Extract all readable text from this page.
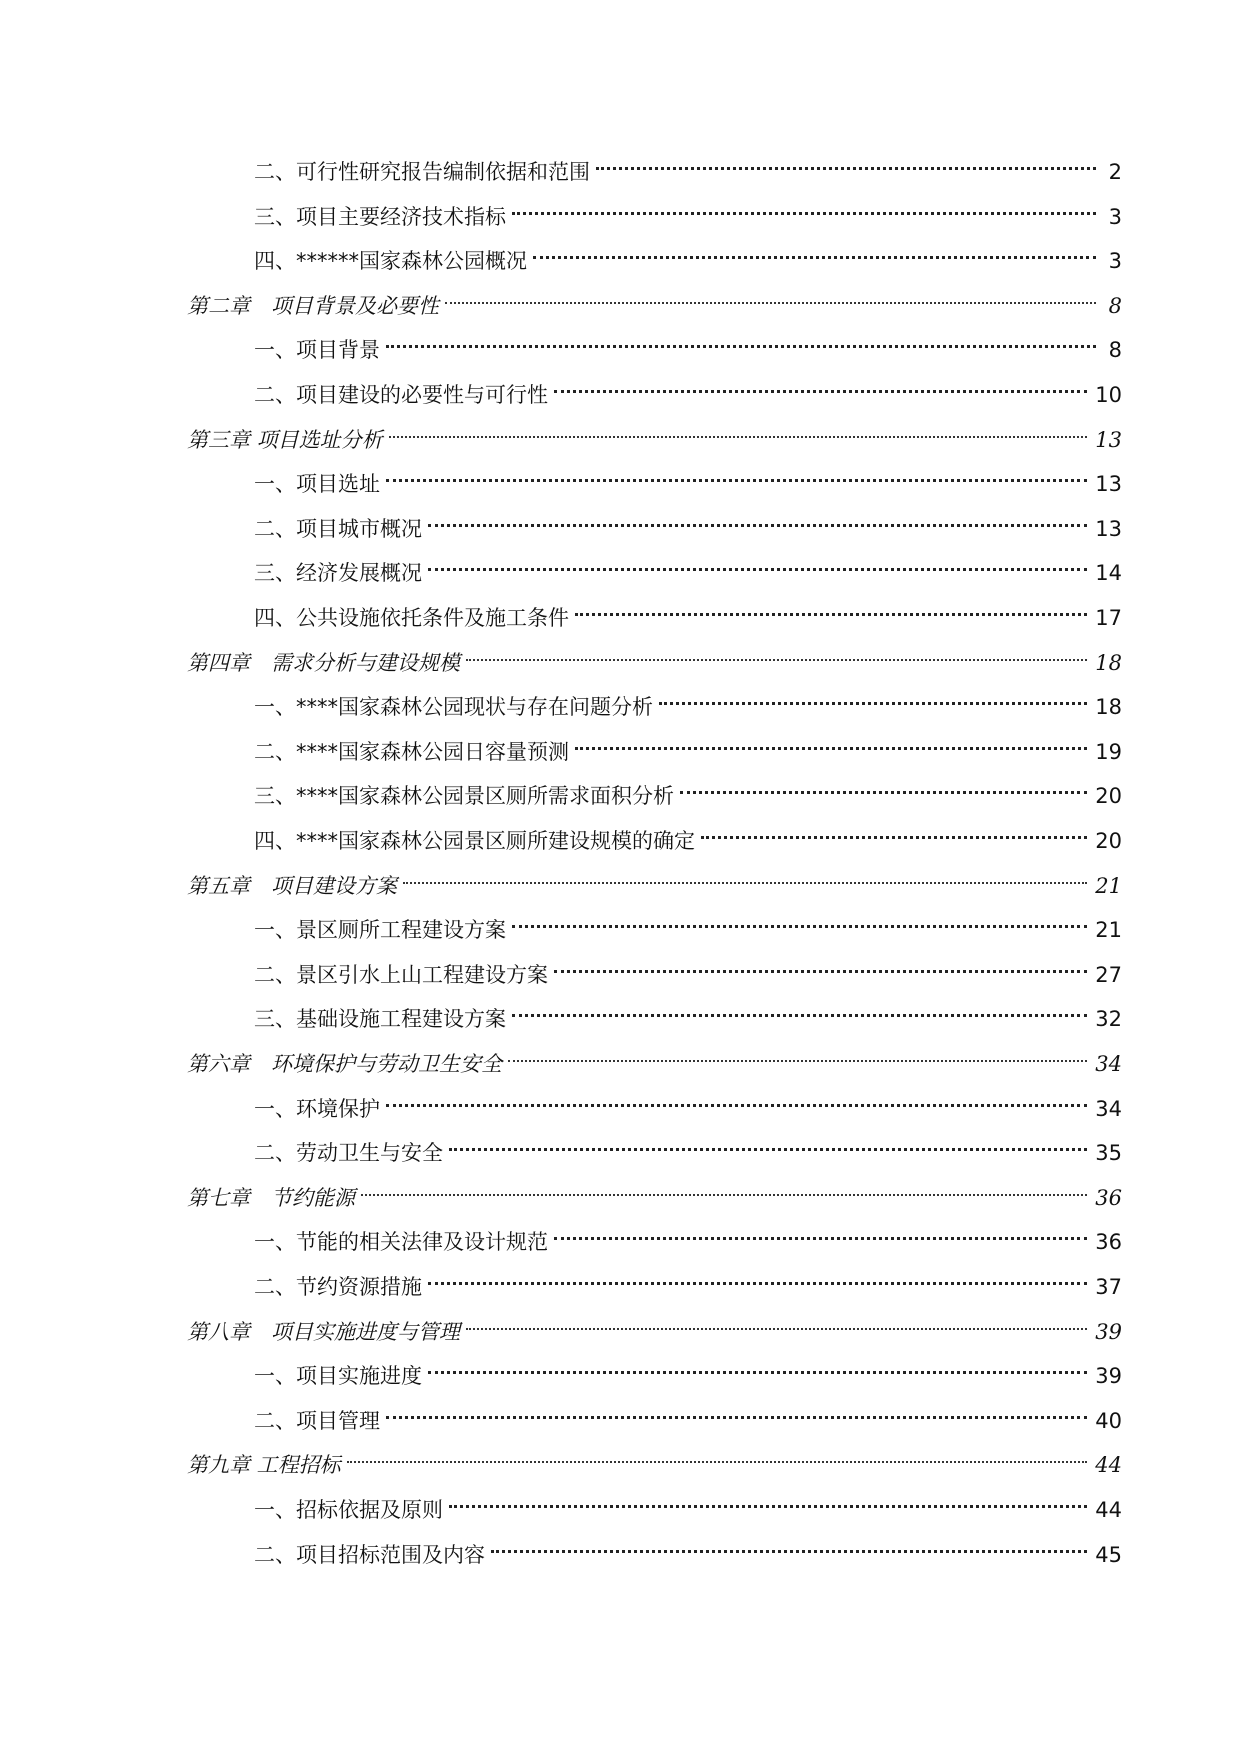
二、可行性研究报告编制依据和范围	2
三、项目主要经济技术指标	3
四、******国家森林公园概况	3
第二章　项目背景及必要性	8
一、项目背景	8
二、项目建设的必要性与可行性	10
第三章 项目选址分析	13
一、项目选址	13
二、项目城市概况	13
三、经济发展概况	14
四、公共设施依托条件及施工条件	17
第四章　需求分析与建设规模	18
一、****国家森林公园现状与存在问题分析	18
二、****国家森林公园日容量预测	19
三、****国家森林公园景区厕所需求面积分析	20
四、****国家森林公园景区厕所建设规模的确定	20
第五章　项目建设方案	21
一、景区厕所工程建设方案	21
二、景区引水上山工程建设方案	27
三、基础设施工程建设方案	32
第六章　环境保护与劳动卫生安全	34
一、环境保护	34
二、劳动卫生与安全	35
第七章　节约能源	36
一、节能的相关法律及设计规范	36
二、节约资源措施	37
第八章　项目实施进度与管理	39
一、项目实施进度	39
二、项目管理	40
第九章 工程招标	44
一、招标依据及原则	44
二、项目招标范围及内容	45
